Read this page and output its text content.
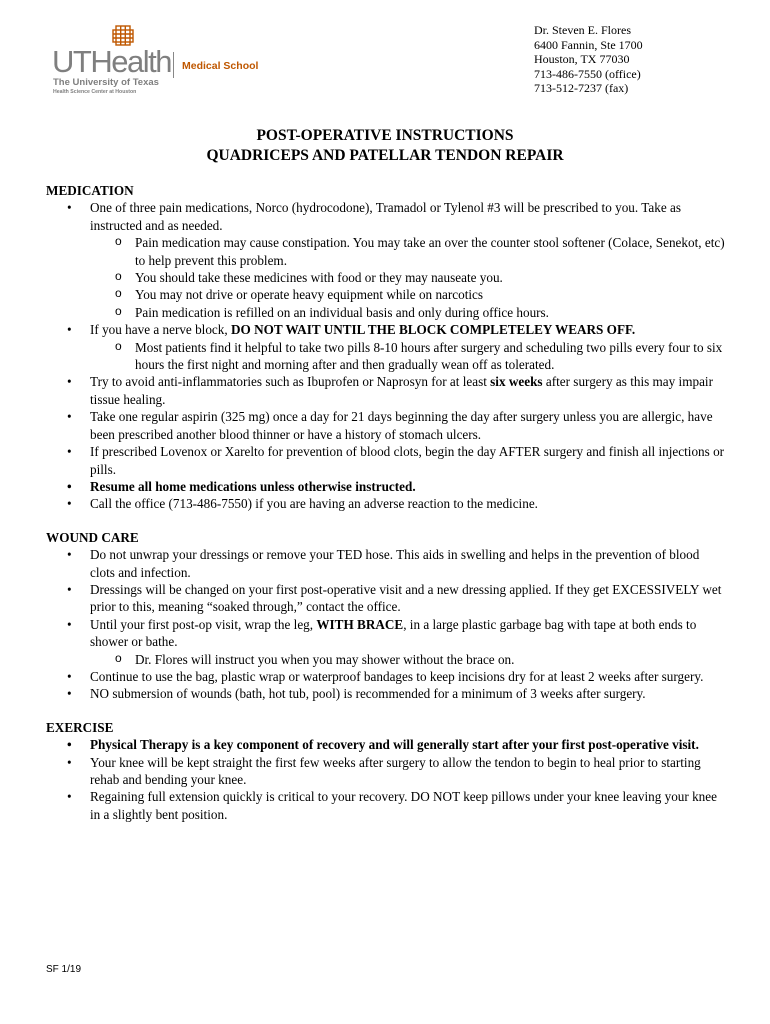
UTHealth Medical School
The University of Texas
Health Science Center at Houston
Dr. Steven E. Flores
6400 Fannin, Ste 1700
Houston, TX 77030
713-486-7550 (office)
713-512-7237 (fax)
POST-OPERATIVE INSTRUCTIONS
QUADRICEPS AND PATELLAR TENDON REPAIR
MEDICATION
• One of three pain medications, Norco (hydrocodone), Tramadol or Tylenol #3 will be prescribed to you. Take as instructed and as needed.
o Pain medication may cause constipation. You may take an over the counter stool softener (Colace, Senekot, etc) to help prevent this problem.
o You should take these medicines with food or they may nauseate you.
o You may not drive or operate heavy equipment while on narcotics
o Pain medication is refilled on an individual basis and only during office hours.
• If you have a nerve block, DO NOT WAIT UNTIL THE BLOCK COMPLETELEY WEARS OFF.
o Most patients find it helpful to take two pills 8-10 hours after surgery and scheduling two pills every four to six hours the first night and morning after and then gradually wean off as tolerated.
• Try to avoid anti-inflammatories such as Ibuprofen or Naprosyn for at least six weeks after surgery as this may impair tissue healing.
• Take one regular aspirin (325 mg) once a day for 21 days beginning the day after surgery unless you are allergic, have been prescribed another blood thinner or have a history of stomach ulcers.
• If prescribed Lovenox or Xarelto for prevention of blood clots, begin the day AFTER surgery and finish all injections or pills.
• Resume all home medications unless otherwise instructed.
• Call the office (713-486-7550) if you are having an adverse reaction to the medicine.
WOUND CARE
• Do not unwrap your dressings or remove your TED hose. This aids in swelling and helps in the prevention of blood clots and infection.
• Dressings will be changed on your first post-operative visit and a new dressing applied. If they get EXCESSIVELY wet prior to this, meaning “soaked through,” contact the office.
• Until your first post-op visit, wrap the leg, WITH BRACE, in a large plastic garbage bag with tape at both ends to shower or bathe.
o Dr. Flores will instruct you when you may shower without the brace on.
• Continue to use the bag, plastic wrap or waterproof bandages to keep incisions dry for at least 2 weeks after surgery.
• NO submersion of wounds (bath, hot tub, pool) is recommended for a minimum of 3 weeks after surgery.
EXERCISE
• Physical Therapy is a key component of recovery and will generally start after your first post-operative visit.
• Your knee will be kept straight the first few weeks after surgery to allow the tendon to begin to heal prior to starting rehab and bending your knee.
• Regaining full extension quickly is critical to your recovery. DO NOT keep pillows under your knee leaving your knee in a slightly bent position.
SF 1/19
